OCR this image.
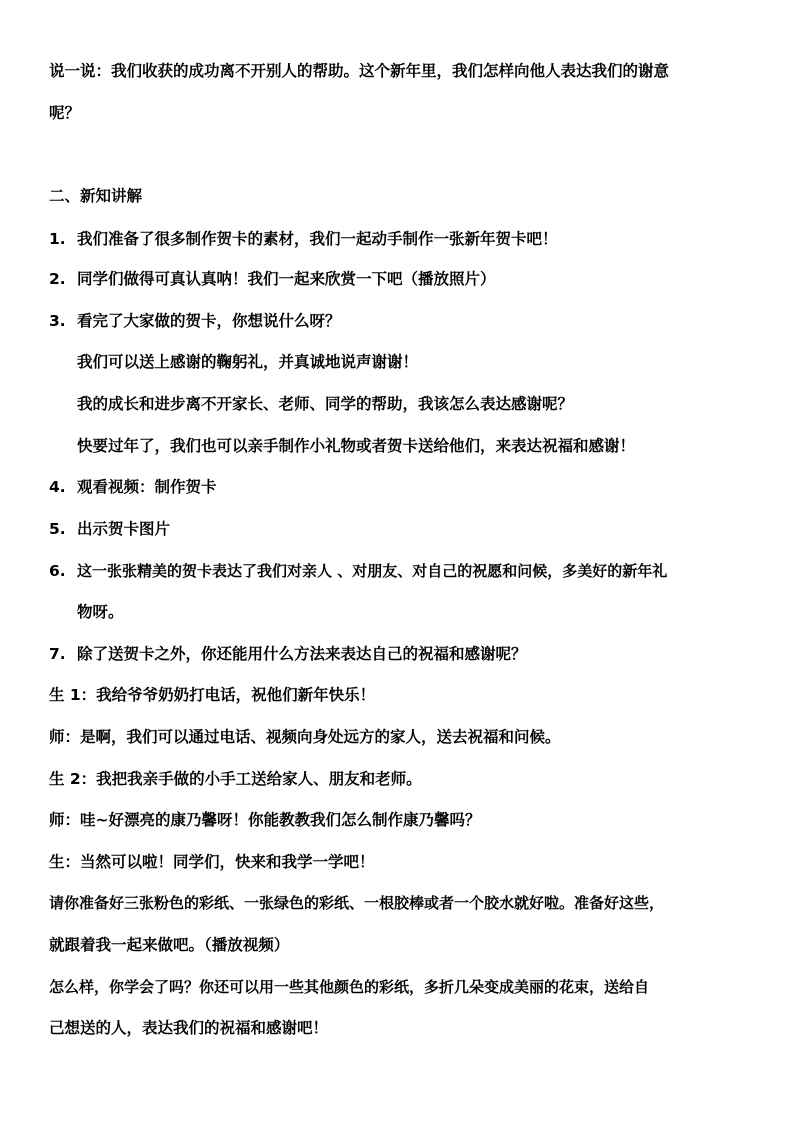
说一说：我们收获的成功离不开别人的帮助。这个新年里，我们怎样向他人表达我们的谢意
呢？
二、新知讲解
1. 我们准备了很多制作贺卡的素材，我们一起动手制作一张新年贺卡吧！
2. 同学们做得可真认真呐！我们一起来欣赏一下吧（播放照片）
3. 看完了大家做的贺卡，你想说什么呀？
我们可以送上感谢的鞠躬礼，并真诚地说声谢谢！
我的成长和进步离不开家长、老师、同学的帮助，我该怎么表达感谢呢？
快要过年了，我们也可以亲手制作小礼物或者贺卡送给他们，来表达祝福和感谢！
4. 观看视频：制作贺卡
5. 出示贺卡图片
6. 这一张张精美的贺卡表达了我们对亲人 、对朋友、对自己的祝愿和问候，多美好的新年礼
物呀。
7. 除了送贺卡之外，你还能用什么方法来表达自己的祝福和感谢呢？
生 1：我给爷爷奶奶打电话，祝他们新年快乐！
师：是啊，我们可以通过电话、视频向身处远方的家人，送去祝福和问候。
生 2：我把我亲手做的小手工送给家人、朋友和老师。
师：哇~好漂亮的康乃馨呀！你能教教我们怎么制作康乃馨吗？
生：当然可以啦！同学们，快来和我学一学吧！
请你准备好三张粉色的彩纸、一张绿色的彩纸、一根胶棒或者一个胶水就好啦。准备好这些，
就跟着我一起来做吧。（播放视频）
怎么样，你学会了吗？你还可以用一些其他颜色的彩纸，多折几朵变成美丽的花束，送给自
己想送的人，表达我们的祝福和感谢吧！
